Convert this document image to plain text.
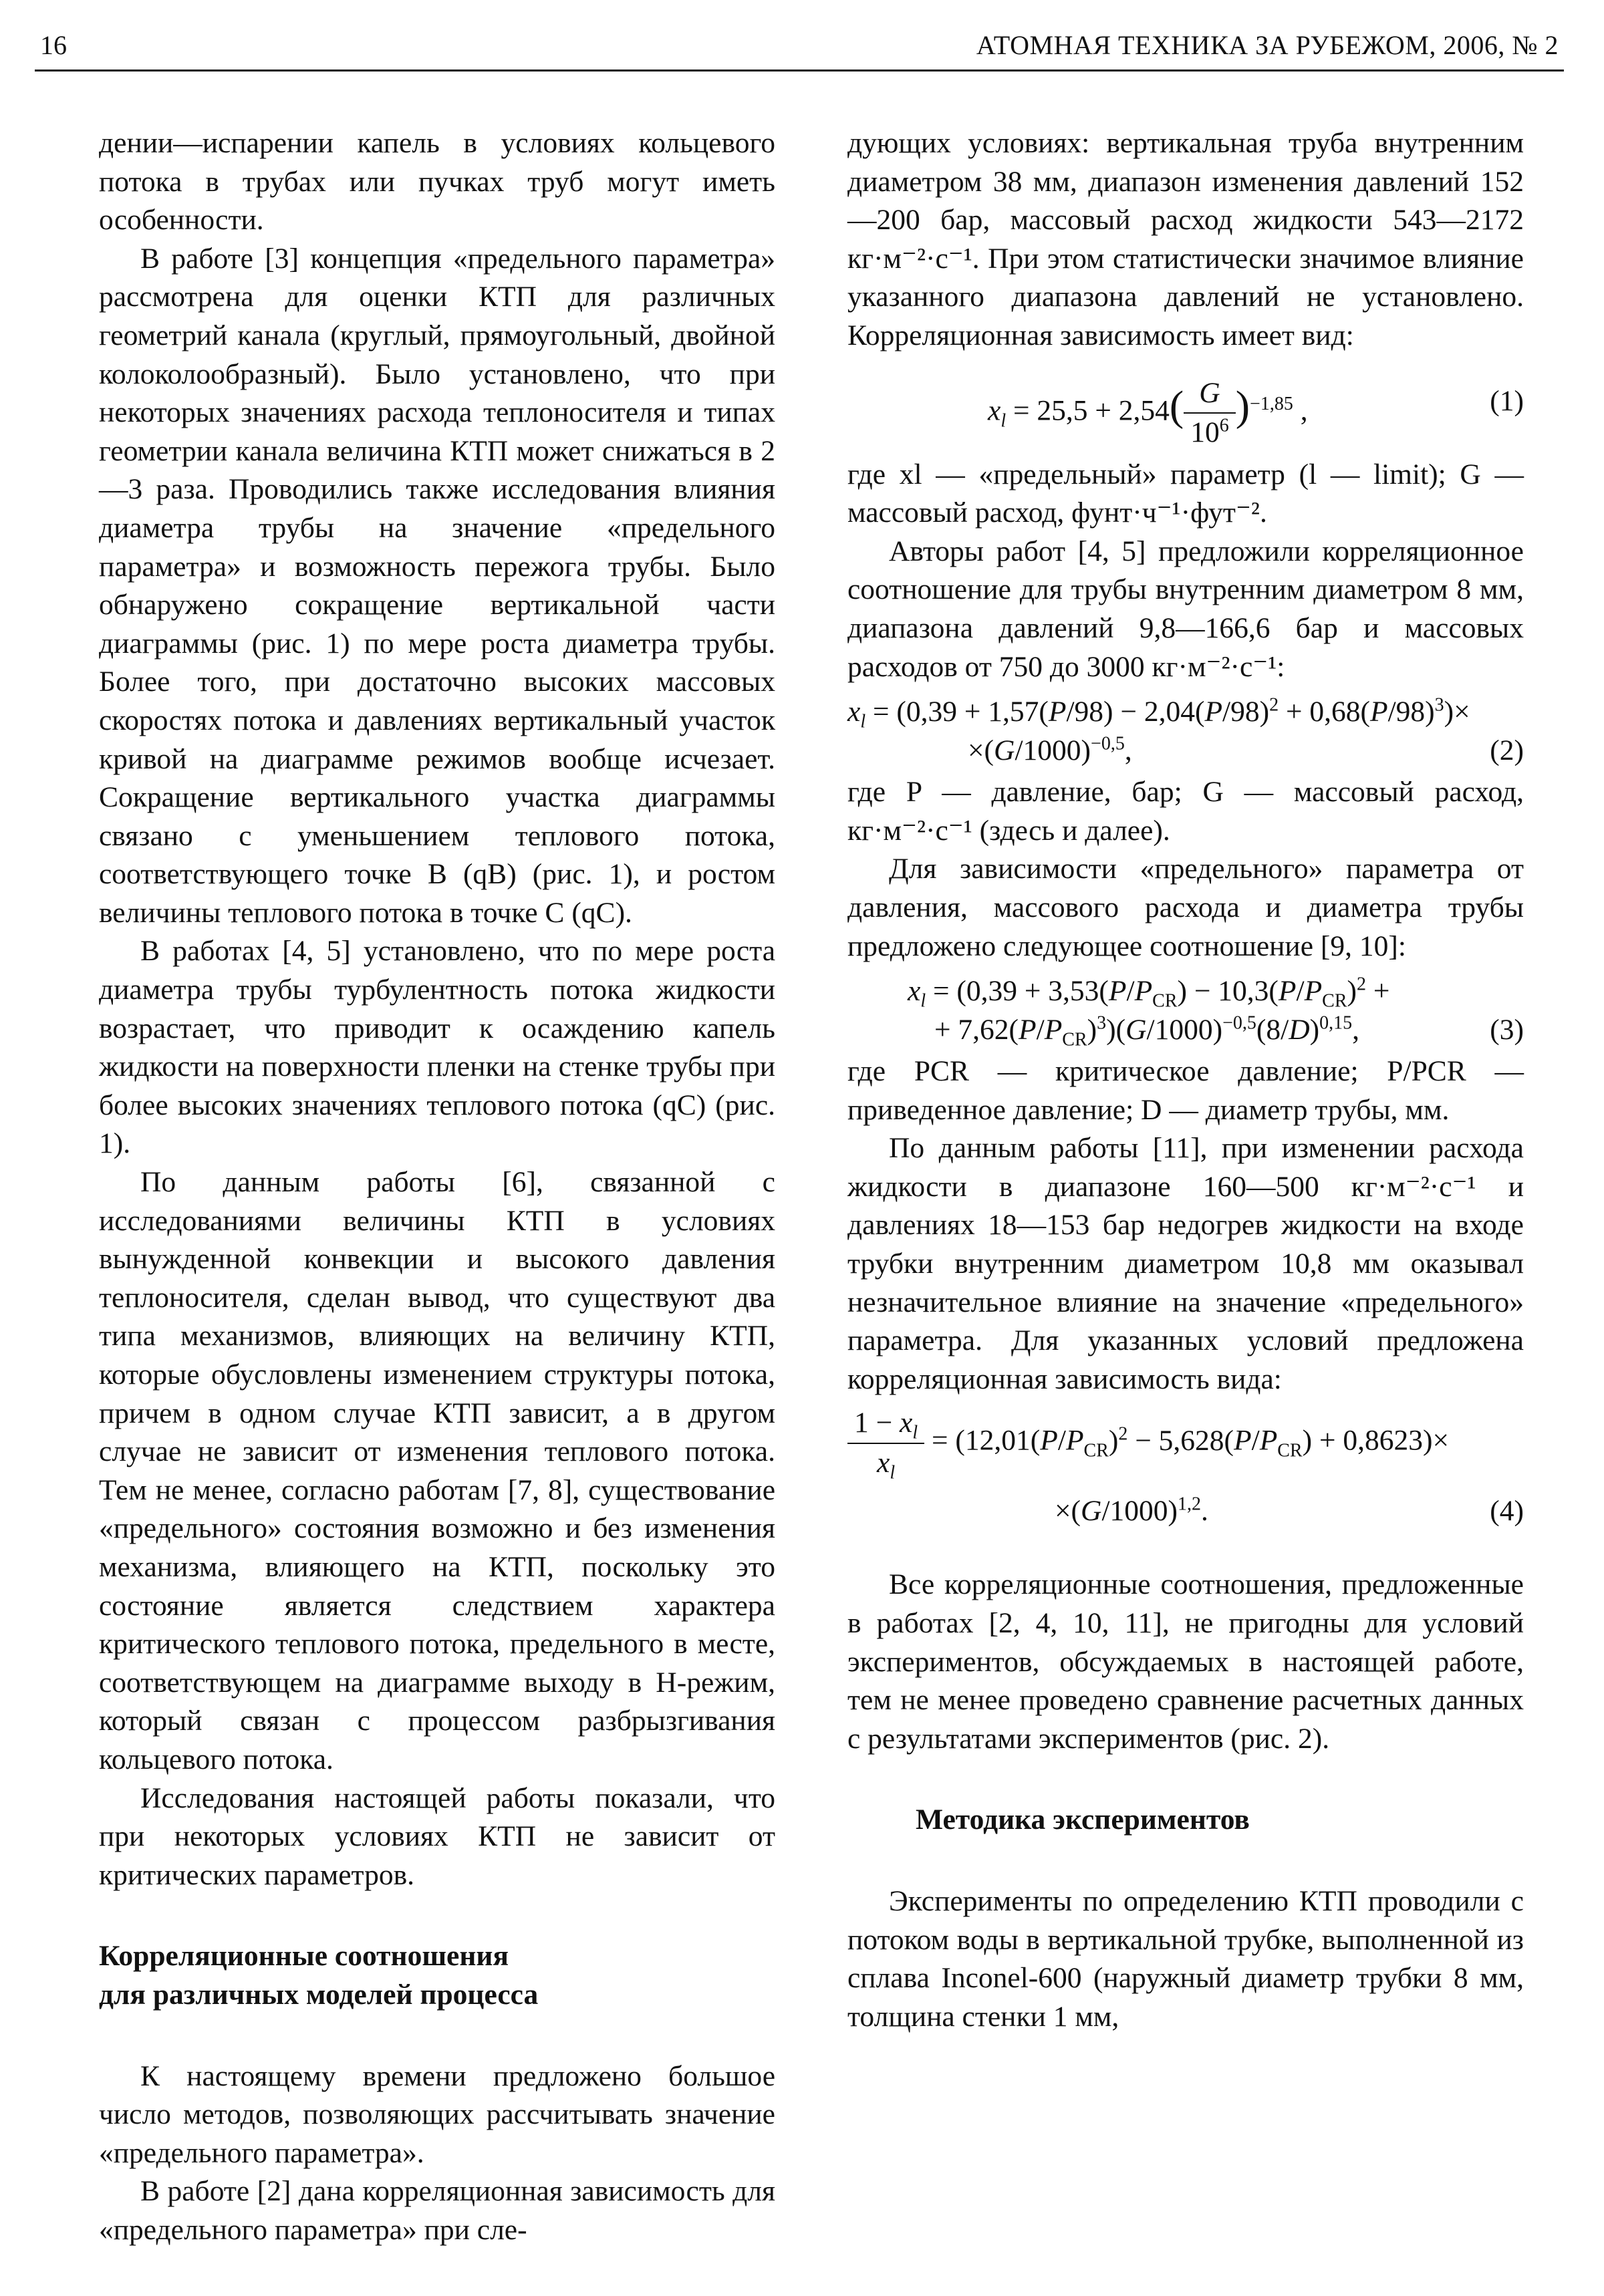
16	АТОМНАЯ ТЕХНИКА ЗА РУБЕЖОМ, 2006, № 2

дении—испарении капель в условиях кольцевого потока в трубах или пучках труб могут иметь особенности.

В работе [3] концепция «предельного параметра» рассмотрена для оценки КТП для различных геометрий канала (круглый, прямоугольный, двойной колоколообразный). Было установлено, что при некоторых значениях расхода теплоносителя и типах геометрии канала величина КТП может снижаться в 2—3 раза. Проводились также исследования влияния диаметра трубы на значение «предельного параметра» и возможность пережога трубы. Было обнаружено сокращение вертикальной части диаграммы (рис. 1) по мере роста диаметра трубы. Более того, при достаточно высоких массовых скоростях потока и давлениях вертикальный участок кривой на диаграмме режимов вообще исчезает. Сокращение вертикального участка диаграммы связано с уменьшением теплового потока, соответствующего точке В (qB) (рис. 1), и ростом величины теплового потока в точке С (qC).

В работах [4, 5] установлено, что по мере роста диаметра трубы турбулентность потока жидкости возрастает, что приводит к осаждению капель жидкости на поверхности пленки на стенке трубы при более высоких значениях теплового потока (qC) (рис. 1).

По данным работы [6], связанной с исследованиями величины КТП в условиях вынужденной конвекции и высокого давления теплоносителя, сделан вывод, что существуют два типа механизмов, влияющих на величину КТП, которые обусловлены изменением структуры потока, причем в одном случае КТП зависит, а в другом случае не зависит от изменения теплового потока. Тем не менее, согласно работам [7, 8], существование «предельного» состояния возможно и без изменения механизма, влияющего на КТП, поскольку это состояние является следствием характера критического теплового потока, предельного в месте, соответствующем на диаграмме выходу в Н-режим, который связан с процессом разбрызгивания кольцевого потока.

Исследования настоящей работы показали, что при некоторых условиях КТП не зависит от критических параметров.

Корреляционные соотношения
для различных моделей процесса

К настоящему времени предложено большое число методов, позволяющих рассчитывать значение «предельного параметра».

В работе [2] дана корреляционная зависимость для «предельного параметра» при сле-

дующих условиях: вертикальная труба внутренним диаметром 38 мм, диапазон изменения давлений 152—200 бар, массовый расход жидкости 543—2172 кг·м⁻²·с⁻¹. При этом статистически значимое влияние указанного диапазона давлений не установлено. Корреляционная зависимость имеет вид:

$x_l = 25,5 + 2,54( \frac{G}{10^6} )^{-1,85}$ ,	(1)

где xl — «предельный» параметр (l — limit); G — массовый расход, фунт·ч⁻¹·фут⁻².

Авторы работ [4, 5] предложили корреляционное соотношение для трубы внутренним диаметром 8 мм, диапазона давлений 9,8—166,6 бар и массовых расходов от 750 до 3000 кг·м⁻²·с⁻¹:

$x_l = (0,39 + 1,57(P/98) - 2,04(P/98)^2 + 0,68(P/98)^3)\times$
$\times(G/1000)^{-0,5}$,	(2)

где P — давление, бар; G — массовый расход, кг·м⁻²·с⁻¹ (здесь и далее).

Для зависимости «предельного» параметра от давления, массового расхода и диаметра трубы предложено следующее соотношение [9, 10]:

$x_l = (0,39 + 3,53(P/P_{CR}) - 10,3(P/P_{CR})^2$ +
+ $7,62(P/P_{CR})^3)(G/1000)^{-0,5}(8/D)^{0,15}$,	(3)

где PCR — критическое давление; P/PCR — приведенное давление; D — диаметр трубы, мм.

По данным работы [11], при изменении расхода жидкости в диапазоне 160—500 кг·м⁻²·с⁻¹ и давлениях 18—153 бар недогрев жидкости на входе трубки внутренним диаметром 10,8 мм оказывал незначительное влияние на значение «предельного» параметра. Для указанных условий предложена корреляционная зависимость вида:

$\frac{1 - x_l}{x_l} = (12,01(P/P_{CR})^2 - 5,628(P/P_{CR}) + 0,8623)\times$
$\times(G/1000)^{1,2}$.	(4)

Все корреляционные соотношения, предложенные в работах [2, 4, 10, 11], не пригодны для условий экспериментов, обсуждаемых в настоящей работе, тем не менее проведено сравнение расчетных данных с результатами экспериментов (рис. 2).

Методика экспериментов

Эксперименты по определению КТП проводили с потоком воды в вертикальной трубке, выполненной из сплава Inconel-600 (наружный диаметр трубки 8 мм, толщина стенки 1 мм,
